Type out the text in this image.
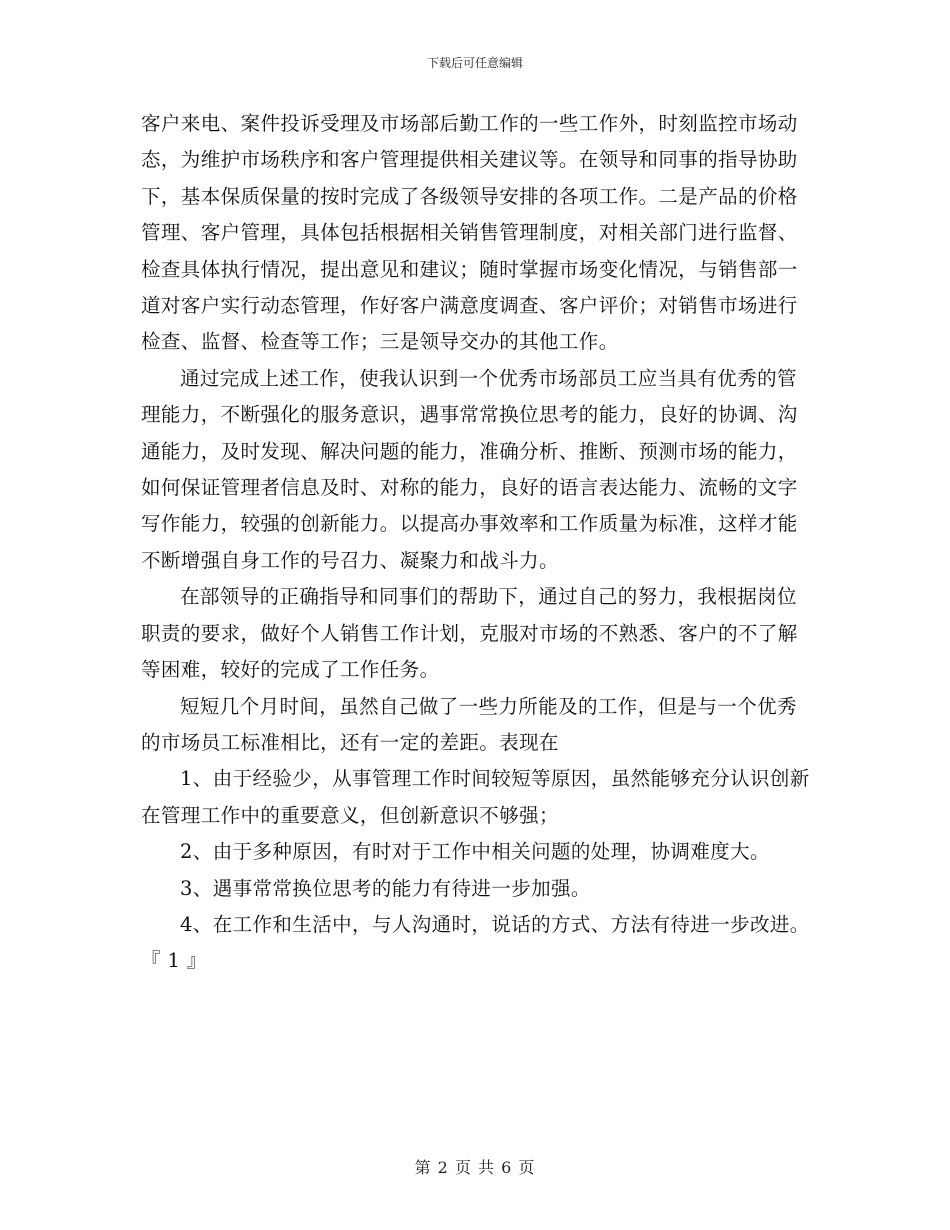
下载后可任意编辑

客户来电、案件投诉受理及市场部后勤工作的一些工作外，时刻监控市场动态，为维护市场秩序和客户管理提供相关建议等。在领导和同事的指导协助下，基本保质保量的按时完成了各级领导安排的各项工作。二是产品的价格管理、客户管理，具体包括根据相关销售管理制度，对相关部门进行监督、检查具体执行情况，提出意见和建议；随时掌握市场变化情况，与销售部一道对客户实行动态管理，作好客户满意度调查、客户评价；对销售市场进行检查、监督、检查等工作；三是领导交办的其他工作。

通过完成上述工作，使我认识到一个优秀市场部员工应当具有优秀的管理能力，不断强化的服务意识，遇事常常换位思考的能力，良好的协调、沟通能力，及时发现、解决问题的能力，准确分析、推断、预测市场的能力，如何保证管理者信息及时、对称的能力，良好的语言表达能力、流畅的文字写作能力，较强的创新能力。以提高办事效率和工作质量为标准，这样才能不断增强自身工作的号召力、凝聚力和战斗力。

在部领导的正确指导和同事们的帮助下，通过自己的努力，我根据岗位职责的要求，做好个人销售工作计划，克服对市场的不熟悉、客户的不了解等困难，较好的完成了工作任务。

短短几个月时间，虽然自己做了一些力所能及的工作，但是与一个优秀的市场员工标准相比，还有一定的差距。表现在

1、由于经验少，从事管理工作时间较短等原因，虽然能够充分认识创新在管理工作中的重要意义，但创新意识不够强；

2、由于多种原因，有时对于工作中相关问题的处理，协调难度大。

3、遇事常常换位思考的能力有待进一步加强。

4、在工作和生活中，与人沟通时，说话的方式、方法有待进一步改进。

『 1 』

第 2 页 共 6 页
